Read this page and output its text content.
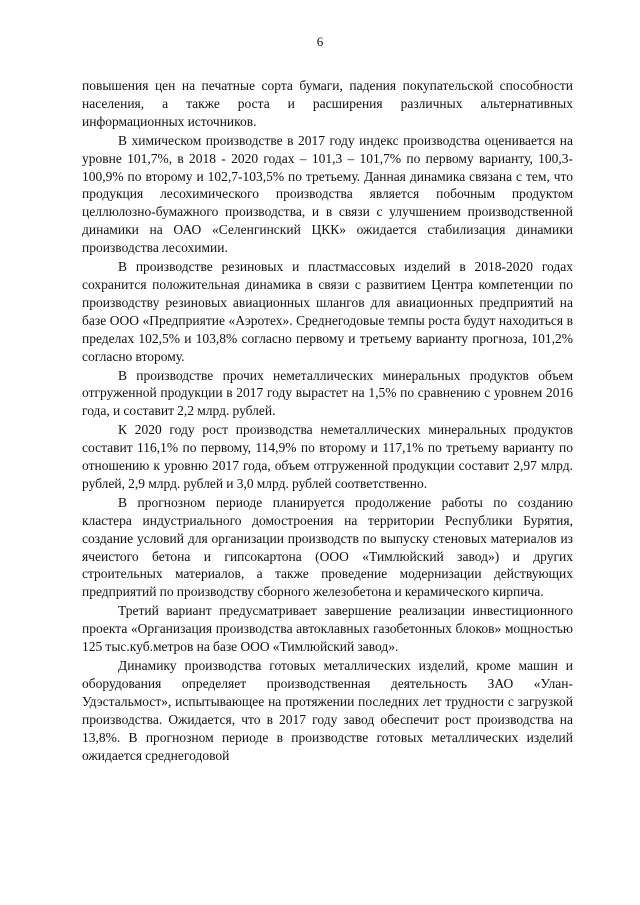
6

повышения цен на печатные сорта бумаги, падения покупательской способности населения, а также роста и расширения различных альтернативных информационных источников.

В химическом производстве в 2017 году индекс производства оценивается на уровне 101,7%, в 2018 - 2020 годах – 101,3 – 101,7% по первому варианту, 100,3-100,9% по второму и 102,7-103,5% по третьему. Данная динамика связана с тем, что продукция лесохимического производства является побочным продуктом целлюлозно-бумажного производства, и в связи с улучшением производственной динамики на ОАО «Селенгинский ЦКК» ожидается стабилизация динамики производства лесохимии.

В производстве резиновых и пластмассовых изделий в 2018-2020 годах сохранится положительная динамика в связи с развитием Центра компетенции по производству резиновых авиационных шлангов для авиационных предприятий на базе ООО «Предприятие «Аэротех». Среднегодовые темпы роста будут находиться в пределах 102,5% и 103,8% согласно первому и третьему варианту прогноза, 101,2% согласно второму.

В производстве прочих неметаллических минеральных продуктов объем отгруженной продукции в 2017 году вырастет на 1,5% по сравнению с уровнем 2016 года, и составит 2,2 млрд. рублей.

К 2020 году рост производства неметаллических минеральных продуктов составит 116,1% по первому, 114,9% по второму и 117,1% по третьему варианту по отношению к уровню 2017 года, объем отгруженной продукции составит 2,97 млрд. рублей, 2,9 млрд. рублей и 3,0 млрд. рублей соответственно.

В прогнозном периоде планируется продолжение работы по созданию кластера индустриального домостроения на территории Республики Бурятия, создание условий для организации производств по выпуску стеновых материалов из ячеистого бетона и гипсокартона (ООО «Тимлюйский завод») и других строительных материалов, а также проведение модернизации действующих предприятий по производству сборного железобетона и керамического кирпича.

Третий вариант предусматривает завершение реализации инвестиционного проекта «Организация производства автоклавных газобетонных блоков» мощностью 125 тыс.куб.метров на базе ООО «Тимлюйский завод».

Динамику производства готовых металлических изделий, кроме машин и оборудования определяет производственная деятельность ЗАО «Улан-Удэстальмост», испытывающее на протяжении последних лет трудности с загрузкой производства. Ожидается, что в 2017 году завод обеспечит рост производства на 13,8%. В прогнозном периоде в производстве готовых металлических изделий ожидается среднегодовой
